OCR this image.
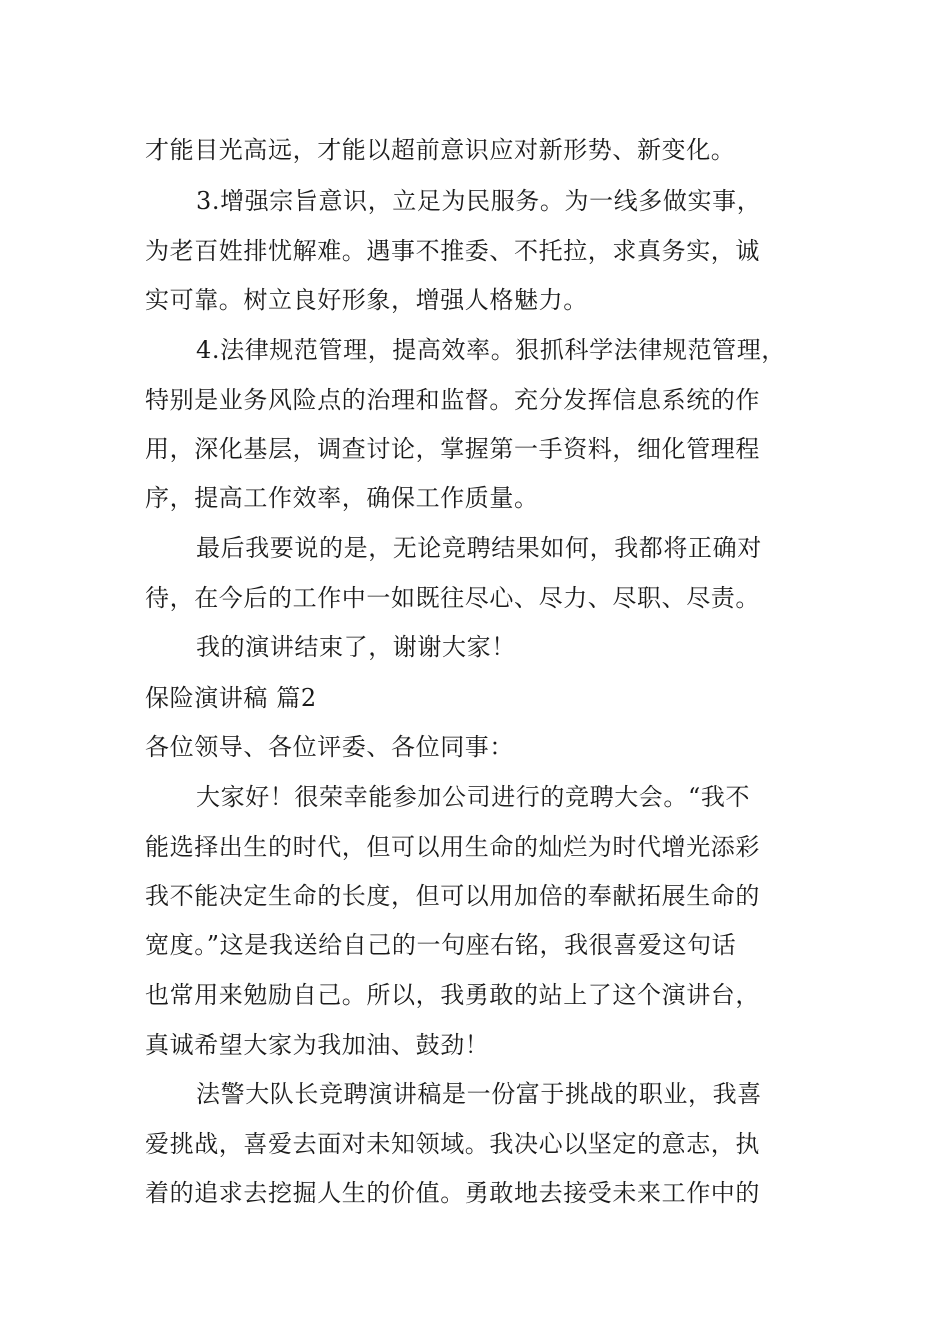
才能目光高远，才能以超前意识应对新形势、新变化。
3.增强宗旨意识，立足为民服务。为一线多做实事，
为老百姓排忧解难。遇事不推委、不托拉，求真务实，诚
实可靠。树立良好形象，增强人格魅力。
4.法律规范管理，提高效率。狠抓科学法律规范管理，
特别是业务风险点的治理和监督。充分发挥信息系统的作
用，深化基层，调查讨论，掌握第一手资料，细化管理程
序，提高工作效率，确保工作质量。
最后我要说的是，无论竞聘结果如何，我都将正确对
待，在今后的工作中一如既往尽心、尽力、尽职、尽责。
我的演讲结束了，谢谢大家！
保险演讲稿 篇2
各位领导、各位评委、各位同事：
大家好！很荣幸能参加公司进行的竞聘大会。“我不
能选择出生的时代，但可以用生命的灿烂为时代增光添彩
我不能决定生命的长度，但可以用加倍的奉献拓展生命的
宽度。”这是我送给自己的一句座右铭，我很喜爱这句话
也常用来勉励自己。所以，我勇敢的站上了这个演讲台，
真诚希望大家为我加油、鼓劲！
法警大队长竞聘演讲稿是一份富于挑战的职业，我喜
爱挑战，喜爱去面对未知领域。我决心以坚定的意志，执
着的追求去挖掘人生的价值。勇敢地去接受未来工作中的
